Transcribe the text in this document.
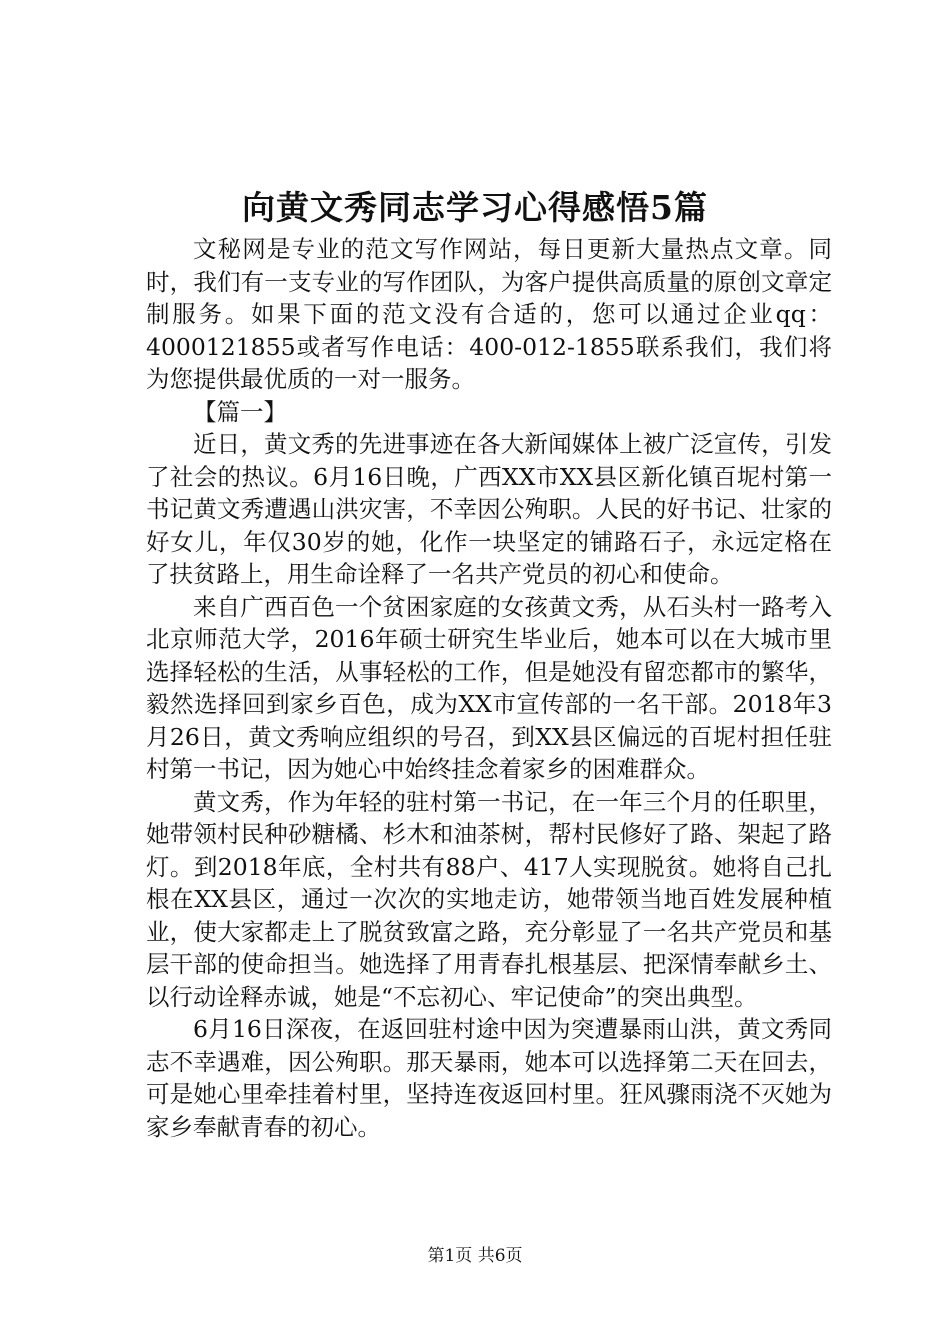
向黄文秀同志学习心得感悟5篇

文秘网是专业的范文写作网站，每日更新大量热点文章。同时，我们有一支专业的写作团队，为客户提供高质量的原创文章定制服务。如果下面的范文没有合适的，您可以通过企业qq：4000121855或者写作电话：400-012-1855联系我们，我们将为您提供最优质的一对一服务。

【篇一】

近日，黄文秀的先进事迹在各大新闻媒体上被广泛宣传，引发了社会的热议。6月16日晚，广西XX市XX县区新化镇百坭村第一书记黄文秀遭遇山洪灾害，不幸因公殉职。人民的好书记、壮家的好女儿，年仅30岁的她，化作一块坚定的铺路石子，永远定格在了扶贫路上，用生命诠释了一名共产党员的初心和使命。

来自广西百色一个贫困家庭的女孩黄文秀，从石头村一路考入北京师范大学，2016年硕士研究生毕业后，她本可以在大城市里选择轻松的生活，从事轻松的工作，但是她没有留恋都市的繁华，毅然选择回到家乡百色，成为XX市宣传部的一名干部。2018年3月26日，黄文秀响应组织的号召，到XX县区偏远的百坭村担任驻村第一书记，因为她心中始终挂念着家乡的困难群众。

黄文秀，作为年轻的驻村第一书记，在一年三个月的任职里，她带领村民种砂糖橘、杉木和油茶树，帮村民修好了路、架起了路灯。到2018年底，全村共有88户、417人实现脱贫。她将自己扎根在XX县区，通过一次次的实地走访，她带领当地百姓发展种植业，使大家都走上了脱贫致富之路，充分彰显了一名共产党员和基层干部的使命担当。她选择了用青春扎根基层、把深情奉献乡土、以行动诠释赤诚，她是“不忘初心、牢记使命”的突出典型。

6月16日深夜，在返回驻村途中因为突遭暴雨山洪，黄文秀同志不幸遇难，因公殉职。那天暴雨，她本可以选择第二天在回去，可是她心里牵挂着村里，坚持连夜返回村里。狂风骤雨浇不灭她为家乡奉献青春的初心。

第1页 共6页
